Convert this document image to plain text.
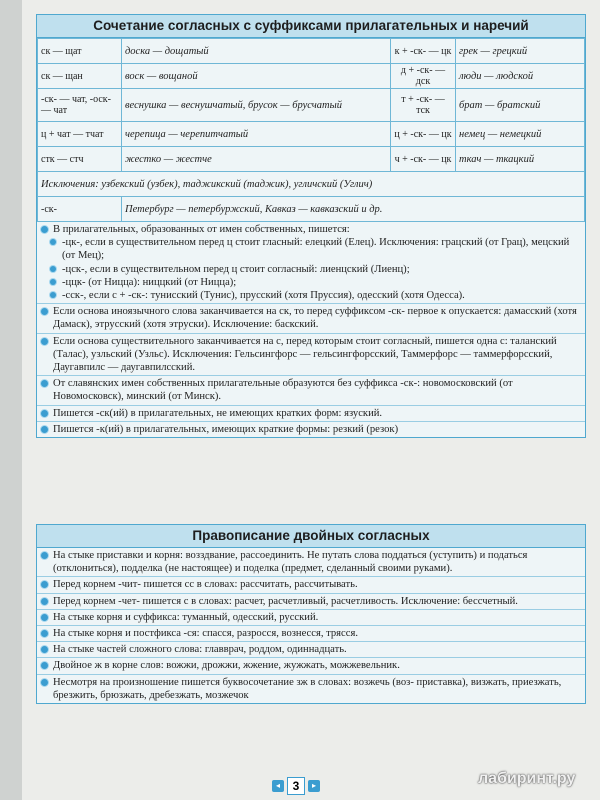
Сочетание согласных с суффиксами прилагательных и наречий
ск — щат	доска — дощатый	к + -ск- — цк	грек — грецкий
ск — щан	воск — вощаной	д + -ск- — дск	люди — людской
-ск- — чат, -оск- — чат	веснушка — веснушчатый, брусок — брусчатый	т + -ск- — тск	брат — братский
ц + чат — тчат	черепица — черепитчатый	ц + -ск- — цк	немец — немецкий
стк — стч	жестко — жестче	ч + -ск- — цк	ткач — ткацкий
Исключения: узбекский (узбек), таджикский (таджик), угличский (Углич)			
-ск-	Петербург — петербуржский, Кавказ — кавказский и др.		
В прилагательных, образованных от имен собственных, пишется:
-цк-, если в существительном перед ц стоит гласный: елецкий (Елец). Исключения: грацский (от Грац), мецский (от Мец);
-цск-, если в существительном перед ц стоит согласный: лиенцский (Лиенц);
-ццк- (от Ницца): ниццкий (от Ницца);
-сск-, если с + -ск-: тунисский (Тунис), прусский (хотя Пруссия), одесский (хотя Одесса).
Если основа иноязычного слова заканчивается на ск, то перед суффиксом -ск- первое к опускается: дамасский (хотя Дамаск), этрусский (хотя этруски). Исключение: баскский.
Если основа существительного заканчивается на с, перед которым стоит согласный, пишется одна с: таланский (Талас), узльский (Узльс). Исключения: Гельсингфорс — гельсингфорсский, Таммерфорс — таммерфорсский, Даугавпилс — даугавпилсский.
От славянских имен собственных прилагательные образуются без суффикса -ск-: новомосковский (от Новомосковск), минский (от Минск).
Пишется -ск(ий) в прилагательных, не имеющих кратких форм: язуский.
Пишется -к(ий) в прилагательных, имеющих краткие формы: резкий (резок)
Правописание двойных согласных
На стыке приставки и корня: возздвание, рассоединить. Не путать слова поддаться (уступить) и податься (отклониться), подделка (не настоящее) и поделка (предмет, сделанный своими руками).
Перед корнем -чит- пишется сс в словах: рассчитать, рассчитывать.
Перед корнем -чет- пишется с в словах: расчет, расчетливый, расчетливость. Исключение: бессчетный.
На стыке корня и суффикса: туманный, одесский, русский.
На стыке корня и постфикса -ся: спасся, разросся, вознесся, трясся.
На стыке частей сложного слова: главврач, роддом, одиннадцать.
Двойное ж в корне слов: вожжи, дрожжи, жжение, жужжать, можжевельник.
Несмотря на произношение пишется буквосочетание зж в словах: возжечь (воз- приставка), визжать, приезжать, брезжить, брюзжать, дребезжать, мозжечок
◂	3	▸	лабиринт.ру
